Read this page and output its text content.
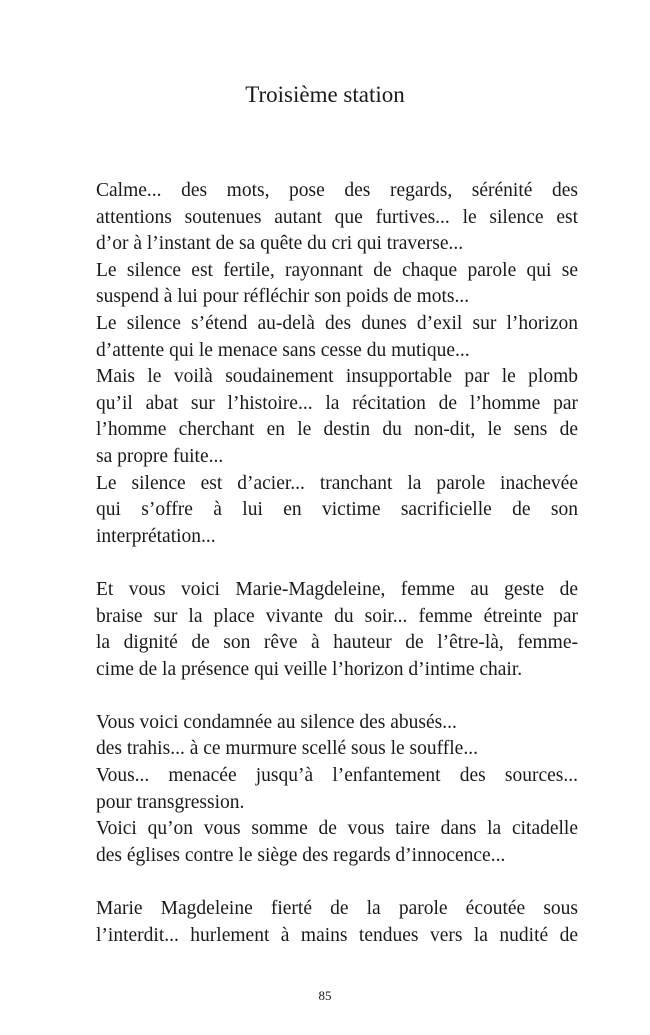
Troisième station
Calme... des mots, pose des regards, sérénité des
attentions soutenues autant que furtives... le silence est
d’or à l’instant de sa quête du cri qui traverse...
Le silence est fertile, rayonnant de chaque parole qui se
suspend à lui pour réfléchir son poids de mots...
Le silence s’étend au-delà des dunes d’exil sur l’horizon
d’attente qui le menace sans cesse du mutique...
Mais le voilà soudainement insupportable par le plomb
qu’il abat sur l’histoire... la récitation de l’homme par
l’homme cherchant en le destin du non-dit, le sens de
sa propre fuite...
Le silence est d’acier... tranchant la parole inachevée
qui s’offre à lui en victime sacrificielle de son
interprétation...
Et vous voici Marie-Magdeleine, femme au geste de
braise sur la place vivante du soir... femme étreinte par
la dignité de son rêve à hauteur de l’être-là, femme-
cime de la présence qui veille l’horizon d’intime chair.
Vous voici condamnée au silence des abusés...
des trahis... à ce murmure scellé sous le souffle...
Vous... menacée jusqu’à l’enfantement des sources...
pour transgression.
Voici qu’on vous somme de vous taire dans la citadelle
des églises contre le siège des regards d’innocence...
Marie Magdeleine fierté de la parole écoutée sous
l’interdit... hurlement à mains tendues vers la nudité de
85
